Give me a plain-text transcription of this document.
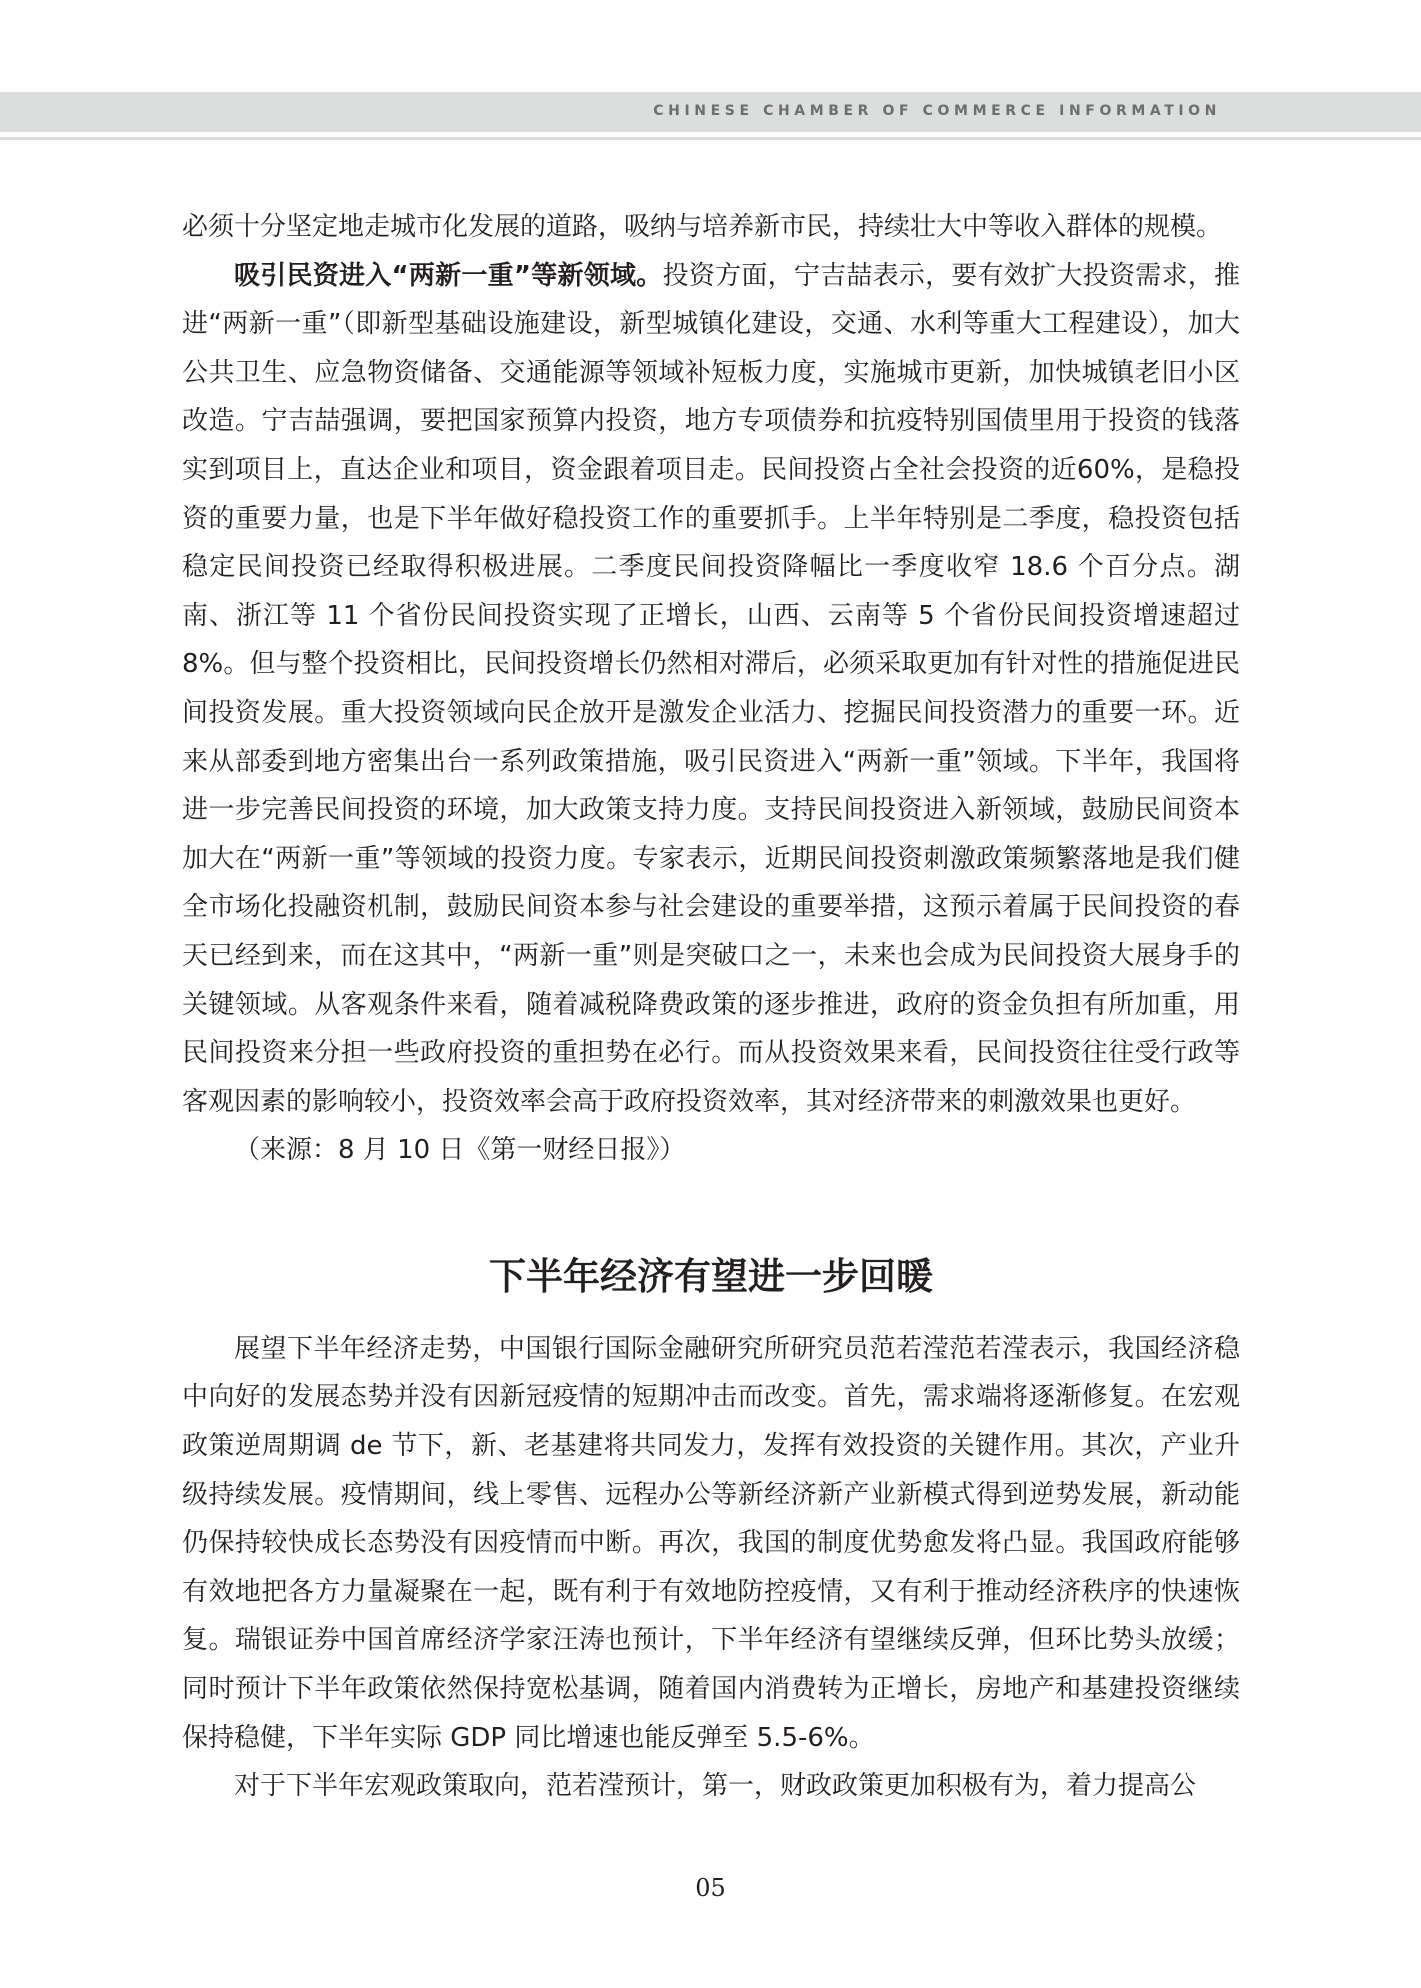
CHINESE CHAMBER OF COMMERCE INFORMATION

必须十分坚定地走城市化发展的道路，吸纳与培养新市民，持续壮大中等收入群体的规模。

吸引民资进入“两新一重”等新领域。投资方面，宁吉喆表示，要有效扩大投资需求，推进“两新一重”（即新型基础设施建设，新型城镇化建设，交通、水利等重大工程建设），加大公共卫生、应急物资储备、交通能源等领域补短板力度，实施城市更新，加快城镇老旧小区改造。宁吉喆强调，要把国家预算内投资，地方专项债券和抗疫特别国债里用于投资的钱落实到项目上，直达企业和项目，资金跟着项目走。民间投资占全社会投资的近60%，是稳投资的重要力量，也是下半年做好稳投资工作的重要抓手。上半年特别是二季度，稳投资包括稳定民间投资已经取得积极进展。二季度民间投资降幅比一季度收窄 18.6 个百分点。湖南、浙江等 11 个省份民间投资实现了正增长，山西、云南等 5 个省份民间投资增速超过 8%。但与整个投资相比，民间投资增长仍然相对滞后，必须采取更加有针对性的措施促进民间投资发展。重大投资领域向民企放开是激发企业活力、挖掘民间投资潜力的重要一环。近来从部委到地方密集出台一系列政策措施，吸引民资进入“两新一重”领域。下半年，我国将进一步完善民间投资的环境，加大政策支持力度。支持民间投资进入新领域，鼓励民间资本加大在“两新一重”等领域的投资力度。专家表示，近期民间投资刺激政策频繁落地是我们健全市场化投融资机制，鼓励民间资本参与社会建设的重要举措，这预示着属于民间投资的春天已经到来，而在这其中，“两新一重”则是突破口之一，未来也会成为民间投资大展身手的关键领域。从客观条件来看，随着减税降费政策的逐步推进，政府的资金负担有所加重，用民间投资来分担一些政府投资的重担势在必行。而从投资效果来看，民间投资往往受行政等客观因素的影响较小，投资效率会高于政府投资效率，其对经济带来的刺激效果也更好。
（来源：8 月 10 日《第一财经日报》）

下半年经济有望进一步回暖

展望下半年经济走势，中国银行国际金融研究所研究员范若滢范若滢表示，我国经济稳中向好的发展态势并没有因新冠疫情的短期冲击而改变。首先，需求端将逐渐修复。在宏观政策逆周期调 de 节下，新、老基建将共同发力，发挥有效投资的关键作用。其次，产业升级持续发展。疫情期间，线上零售、远程办公等新经济新产业新模式得到逆势发展，新动能仍保持较快成长态势没有因疫情而中断。再次，我国的制度优势愈发将凸显。我国政府能够有效地把各方力量凝聚在一起，既有利于有效地防控疫情，又有利于推动经济秩序的快速恢复。瑞银证券中国首席经济学家汪涛也预计，下半年经济有望继续反弹，但环比势头放缓；同时预计下半年政策依然保持宽松基调，随着国内消费转为正增长，房地产和基建投资继续保持稳健，下半年实际 GDP 同比增速也能反弹至 5.5-6%。

对于下半年宏观政策取向，范若滢预计，第一，财政政策更加积极有为，着力提高公

05
